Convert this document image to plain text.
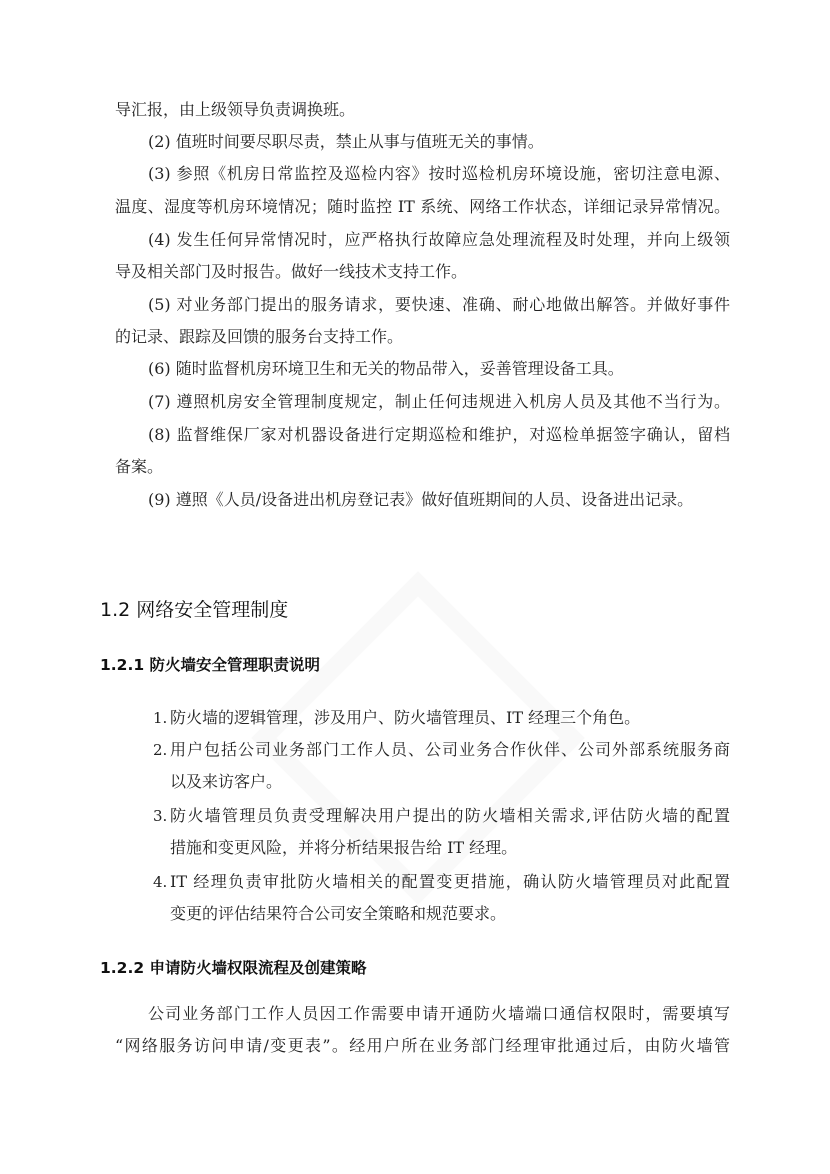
导汇报，由上级领导负责调换班。
(2) 值班时间要尽职尽责，禁止从事与值班无关的事情。
(3) 参照《机房日常监控及巡检内容》按时巡检机房环境设施，密切注意电源、
温度、湿度等机房环境情况；随时监控 IT 系统、网络工作状态，详细记录异常情况。
(4) 发生任何异常情况时，应严格执行故障应急处理流程及时处理，并向上级领
导及相关部门及时报告。做好一线技术支持工作。
(5) 对业务部门提出的服务请求，要快速、准确、耐心地做出解答。并做好事件
的记录、跟踪及回馈的服务台支持工作。
(6) 随时监督机房环境卫生和无关的物品带入，妥善管理设备工具。
(7) 遵照机房安全管理制度规定，制止任何违规进入机房人员及其他不当行为。
(8) 监督维保厂家对机器设备进行定期巡检和维护，对巡检单据签字确认，留档
备案。
(9) 遵照《人员/设备进出机房登记表》做好值班期间的人员、设备进出记录。
1.2 网络安全管理制度
1.2.1 防火墙安全管理职责说明
1. 防火墙的逻辑管理，涉及用户、防火墙管理员、IT 经理三个角色。
2. 用户包括公司业务部门工作人员、公司业务合作伙伴、公司外部系统服务商
以及来访客户。
3. 防火墙管理员负责受理解决用户提出的防火墙相关需求,评估防火墙的配置
措施和变更风险，并将分析结果报告给 IT 经理。
4. IT 经理负责审批防火墙相关的配置变更措施，确认防火墙管理员对此配置
变更的评估结果符合公司安全策略和规范要求。
1.2.2 申请防火墙权限流程及创建策略
公司业务部门工作人员因工作需要申请开通防火墙端口通信权限时，需要填写
“网络服务访问申请/变更表”。经用户所在业务部门经理审批通过后，由防火墙管
